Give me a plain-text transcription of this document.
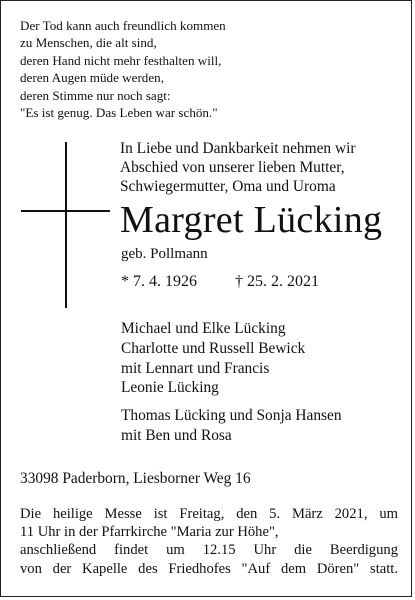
Der Tod kann auch freundlich kommen
zu Menschen, die alt sind,
deren Hand nicht mehr festhalten will,
deren Augen müde werden,
deren Stimme nur noch sagt:
"Es ist genug. Das Leben war schön."
In Liebe und Dankbarkeit nehmen wir
Abschied von unserer lieben Mutter,
Schwiegermutter, Oma und Uroma
Margret Lücking
geb. Pollmann
* 7. 4. 1926 † 25. 2. 2021
Michael und Elke Lücking
Charlotte und Russell Bewick
mit Lennart und Francis
Leonie Lücking
Thomas Lücking und Sonja Hansen
mit Ben und Rosa
33098 Paderborn, Liesborner Weg 16
Die heilige Messe ist Freitag, den 5. März 2021, um
11 Uhr in der Pfarrkirche "Maria zur Höhe",
anschließend findet um 12.15 Uhr die Beerdigung
von der Kapelle des Friedhofes "Auf dem Dören" statt.
